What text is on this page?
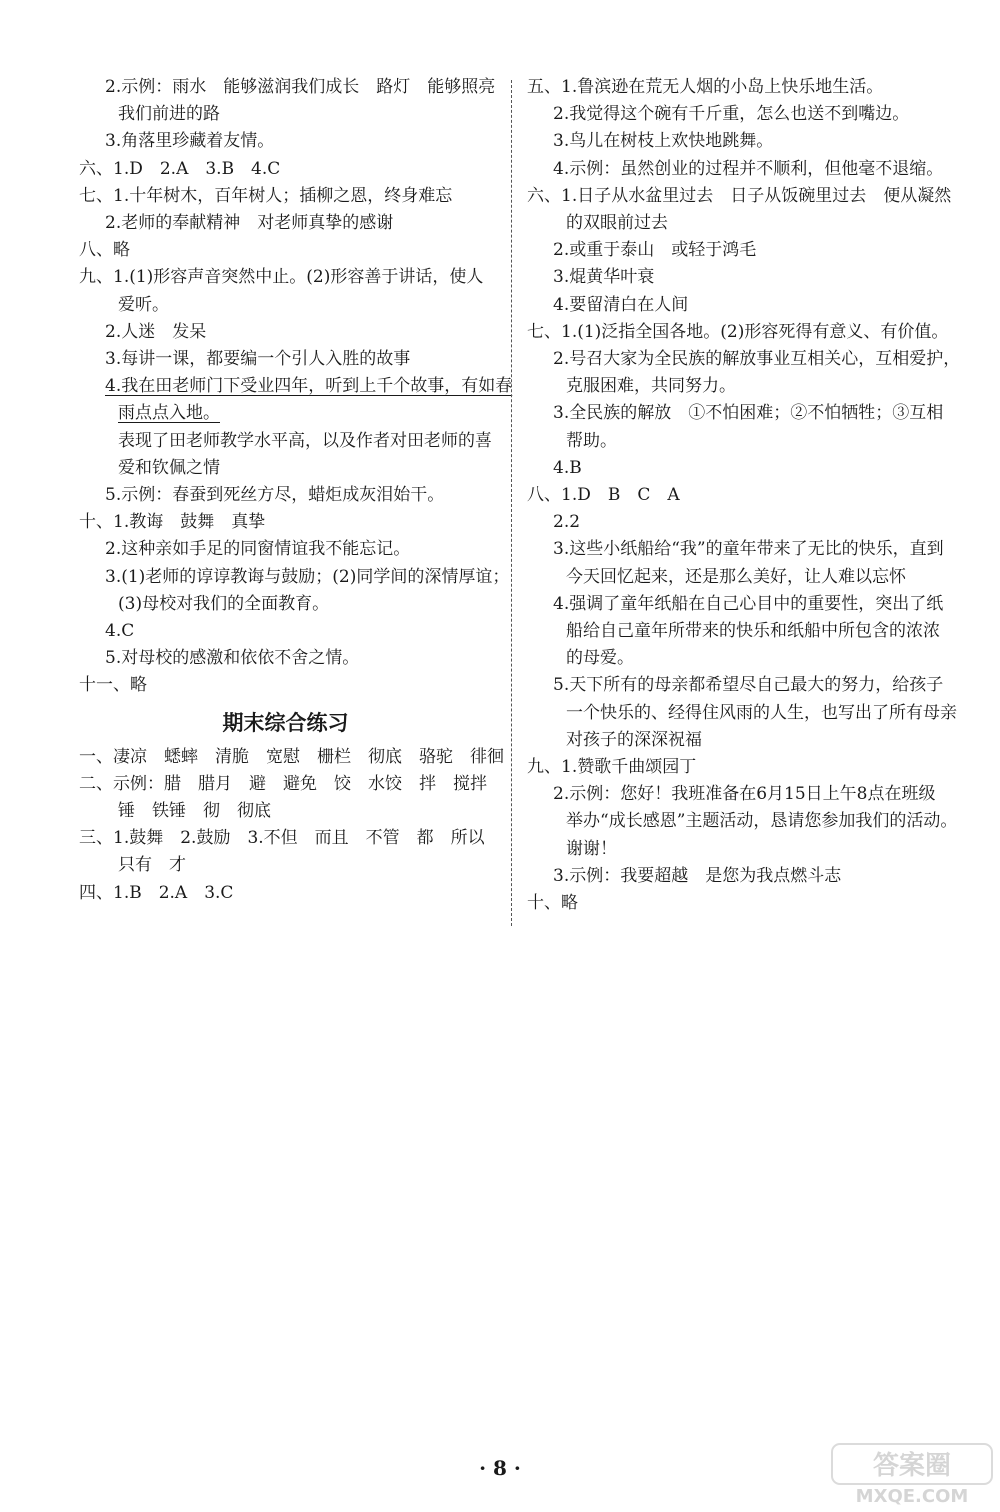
2.示例：雨水　能够滋润我们成长　路灯　能够照亮
我们前进的路
3.角落里珍藏着友情。
六、1.D　2.A　3.B　4.C
七、1.十年树木，百年树人；插柳之恩，终身难忘
2.老师的奉献精神　对老师真挚的感谢
八、略
九、1.(1)形容声音突然中止。(2)形容善于讲话，使人
爱听。
2.人迷　发呆
3.每讲一课，都要编一个引人入胜的故事
4.我在田老师门下受业四年，听到上千个故事，有如春
雨点点入地。
表现了田老师教学水平高，以及作者对田老师的喜
爱和钦佩之情
5.示例：春蚕到死丝方尽，蜡炬成灰泪始干。
十、1.教诲　鼓舞　真挚
2.这种亲如手足的同窗情谊我不能忘记。
3.(1)老师的谆谆教诲与鼓励；(2)同学间的深情厚谊；
(3)母校对我们的全面教育。
4.C
5.对母校的感激和依依不舍之情。
十一、略
期末综合练习
一、凄凉　蟋蟀　清脆　宽慰　栅栏　彻底　骆驼　徘徊
二、示例：腊　腊月　避　避免　饺　水饺　拌　搅拌
锤　铁锤　彻　彻底
三、1.鼓舞　2.鼓励　3.不但　而且　不管　都　所以
只有　才
四、1.B　2.A　3.C
五、1.鲁滨逊在荒无人烟的小岛上快乐地生活。
2.我觉得这个碗有千斤重，怎么也送不到嘴边。
3.鸟儿在树枝上欢快地跳舞。
4.示例：虽然创业的过程并不顺利，但他毫不退缩。
六、1.日子从水盆里过去　日子从饭碗里过去　便从凝然
的双眼前过去
2.或重于泰山　或轻于鸿毛
3.焜黄华叶衰
4.要留清白在人间
七、1.(1)泛指全国各地。(2)形容死得有意义、有价值。
2.号召大家为全民族的解放事业互相关心，互相爱护，
克服困难，共同努力。
3.全民族的解放　①不怕困难；②不怕牺牲；③互相
帮助。
4.B
八、1.D　B　C　A
2.2
3.这些小纸船给“我”的童年带来了无比的快乐，直到
今天回忆起来，还是那么美好，让人难以忘怀
4.强调了童年纸船在自己心目中的重要性，突出了纸
船给自己童年所带来的快乐和纸船中所包含的浓浓
的母爱。
5.天下所有的母亲都希望尽自己最大的努力，给孩子
一个快乐的、经得住风雨的人生，也写出了所有母亲
对孩子的深深祝福
九、1.赞歌千曲颂园丁
2.示例：您好！我班准备在6月15日上午8点在班级
举办“成长感恩”主题活动，恳请您参加我们的活动。
谢谢！
3.示例：我要超越　是您为我点燃斗志
十、略
· 8 ·	答案圈
MXQE.COM
